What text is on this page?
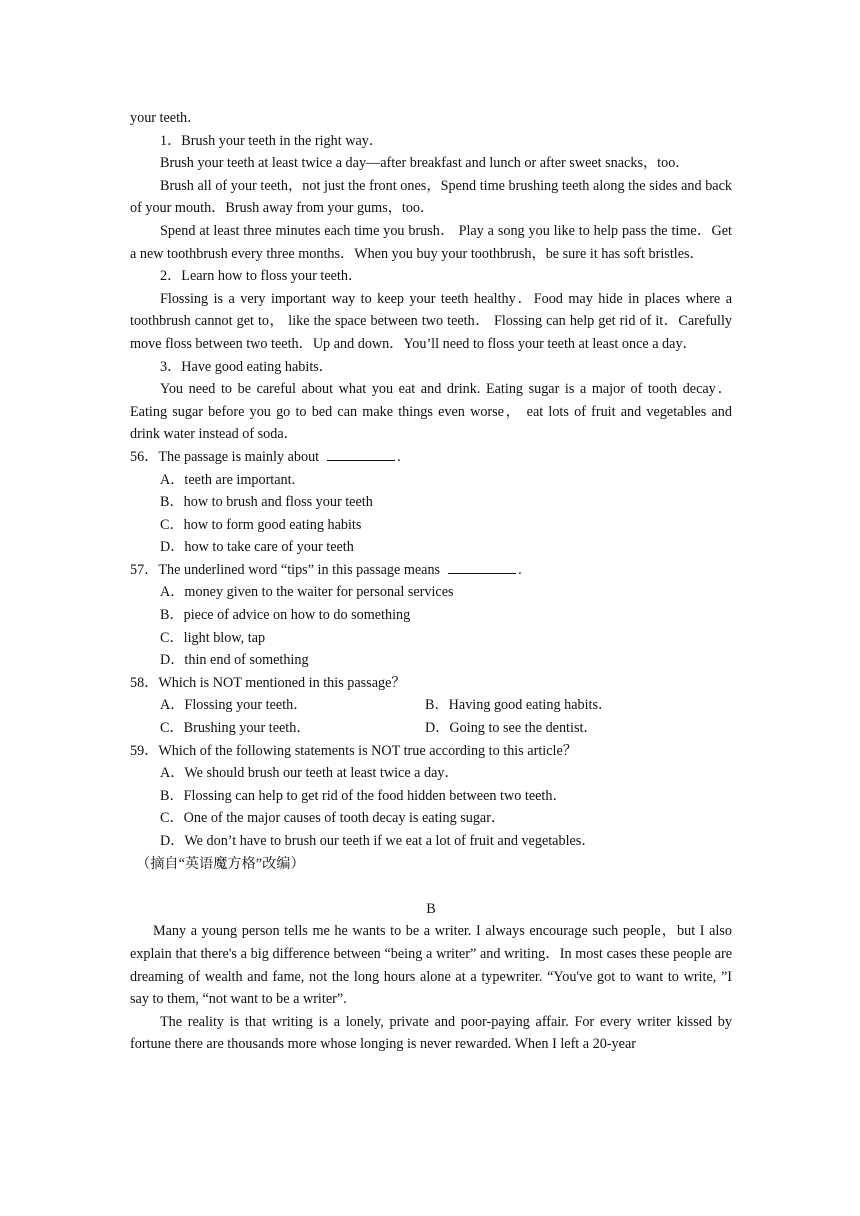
your teeth．
1．Brush your teeth in the right way．
Brush your teeth at least twice a day—after breakfast and lunch or after sweet snacks，too．
Brush all of your teeth，not just the front ones，Spend time brushing teeth along the sides and back of your mouth．Brush away from your gums，too．
Spend at least three minutes each time you brush． Play a song you like to help pass the time．Get a new toothbrush every three months．When you buy your toothbrush，be sure it has soft bristles．
2．Learn how to floss your teeth．
Flossing is a very important way to keep your teeth healthy．Food may hide in places where a toothbrush cannot get to， like the space between two teeth． Flossing can help get rid of it．Carefully move floss between two teeth．Up and down．You’ll need to floss your teeth at least once a day．
3．Have good eating habits．
You need to be careful about what you eat and drink. Eating sugar is a major of tooth decay． Eating sugar before you go to bed can make things even worse， eat lots of fruit and vegetables and drink water instead of soda．
56．The passage is mainly about	.
A．teeth are important.
B．how to brush and floss your teeth
C．how to form good eating habits
D．how to take care of your teeth
57．The underlined word “tips” in this passage means	.
A．money given to the waiter for personal services
B．piece of advice on how to do something
C．light blow, tap
D．thin end of something
58．Which is NOT mentioned in this passage？
A．Flossing your teeth．	B．Having good eating habits．
C．Brushing your teeth．	D．Going to see the dentist．
59．Which of the following statements is NOT true according to this article？
A．We should brush our teeth at least twice a day．
B．Flossing can help to get rid of the food hidden between two teeth．
C．One of the major causes of tooth decay is eating sugar．
D．We don’t have to brush our teeth if we eat a lot of fruit and vegetables．
（摘自“英语魔方格”改编）
B
Many a young person tells me he wants to be a writer. I always encourage such people，but I also explain that there's a big difference between “being a writer” and writing．In most cases these people are dreaming of wealth and fame, not the long hours alone at a typewriter. “You've got to want to write, ”I say to them, “not want to be a writer”.
The reality is that writing is a lonely, private and poor-paying affair. For every writer kissed by fortune there are thousands more whose longing is never rewarded. When I left a 20-year
